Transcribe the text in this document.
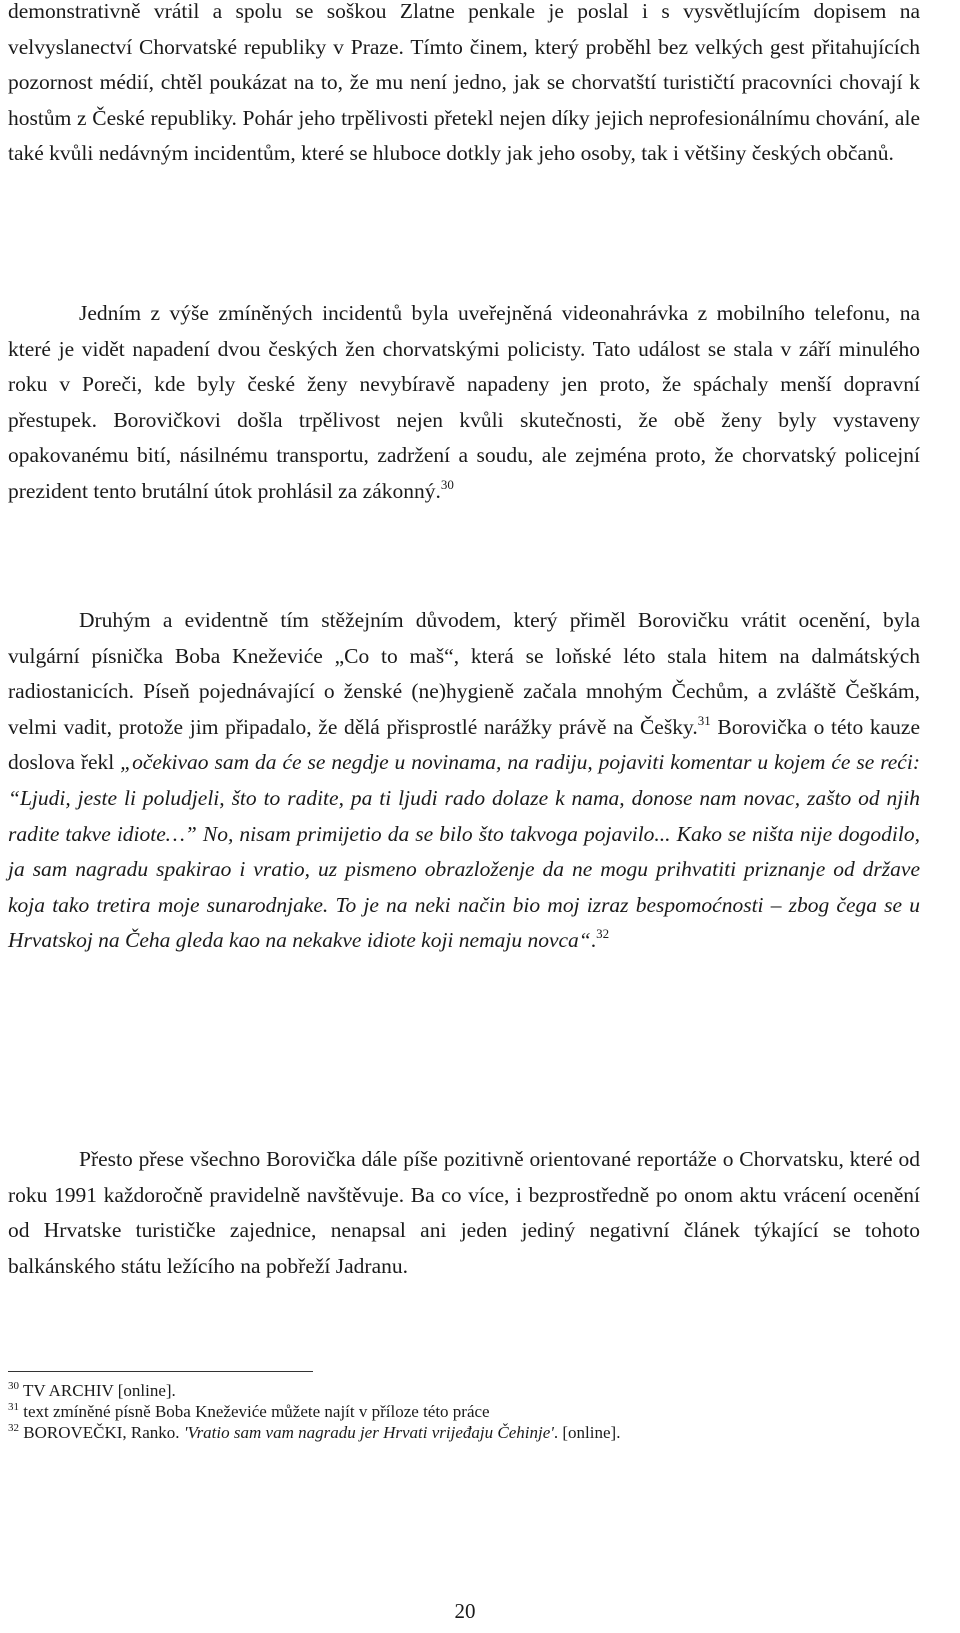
demonstrativně vrátil a spolu se soškou Zlatne penkale je poslal i s vysvětlujícím dopisem na velvyslanectví Chorvatské republiky v Praze. Tímto činem, který proběhl bez velkých gest přitahujících pozornost médií, chtěl poukázat na to, že mu není jedno, jak se chorvatští turističtí pracovníci chovají k hostům z České republiky. Pohár jeho trpělivosti přetekl nejen díky jejich neprofesionálnímu chování, ale také kvůli nedávným incidentům, které se hluboce dotkly jak jeho osoby, tak i většiny českých občanů.

Jedním z výše zmíněných incidentů byla uveřejněná videonahrávka z mobilního telefonu, na které je vidět napadení dvou českých žen chorvatskými policisty. Tato událost se stala v září minulého roku v Poreči, kde byly české ženy nevybíravě napadeny jen proto, že spáchaly menší dopravní přestupek. Borovičkovi došla trpělivost nejen kvůli skutečnosti, že obě ženy byly vystaveny opakovanému bití, násilnému transportu, zadržení a soudu, ale zejména proto, že chorvatský policejní prezident tento brutální útok prohlásil za zákonný.$^{30}$

Druhým a evidentně tím stěžejním důvodem, který přiměl Borovičku vrátit ocenění, byla vulgární písnička Boba Kneževiće „Co to maš“, která se loňské léto stala hitem na dalmátských radiostanicích. Píseň pojednávající o ženské (ne)hygieně začala mnohým Čechům, a zvláště Češkám, velmi vadit, protože jim připadalo, že dělá přisprostlé narážky právě na Češky.$^{31}$ Borovička o této kauze doslova řekl „očekivao sam da će se negdje u novinama, na radiju, pojaviti komentar u kojem će se reći: “Ljudi, jeste li poludjeli, što to radite, pa ti ljudi rado dolaze k nama, donose nam novac, zašto od njih radite takve idiote…” No, nisam primijetio da se bilo što takvoga pojavilo... Kako se ništa nije dogodilo, ja sam nagradu spakirao i vratio, uz pismeno obrazloženje da ne mogu prihvatiti priznanje od države koja tako tretira moje sunarodnjake. To je na neki način bio moj izraz bespomoćnosti – zbog čega se u Hrvatskoj na Čeha gleda kao na nekakve idiote koji nemaju novca“.$^{32}$

Přesto přese všechno Borovička dále píše pozitivně orientované reportáže o Chorvatsku, které od roku 1991 každoročně pravidelně navštěvuje. Ba co více, i bezprostředně po onom aktu vrácení ocenění od Hrvatske turističke zajednice, nenapsal ani jeden jediný negativní článek týkající se tohoto balkánského státu ležícího na pobřeží Jadranu.

$^{30}$ TV ARCHIV [online].

$^{31}$ text zmíněné písně Boba Kneževiće můžete najít v příloze této práce

$^{32}$ BOROVEČKI, Ranko. 'Vratio sam vam nagradu jer Hrvati vrijeđaju Čehinje'. [online].

20
